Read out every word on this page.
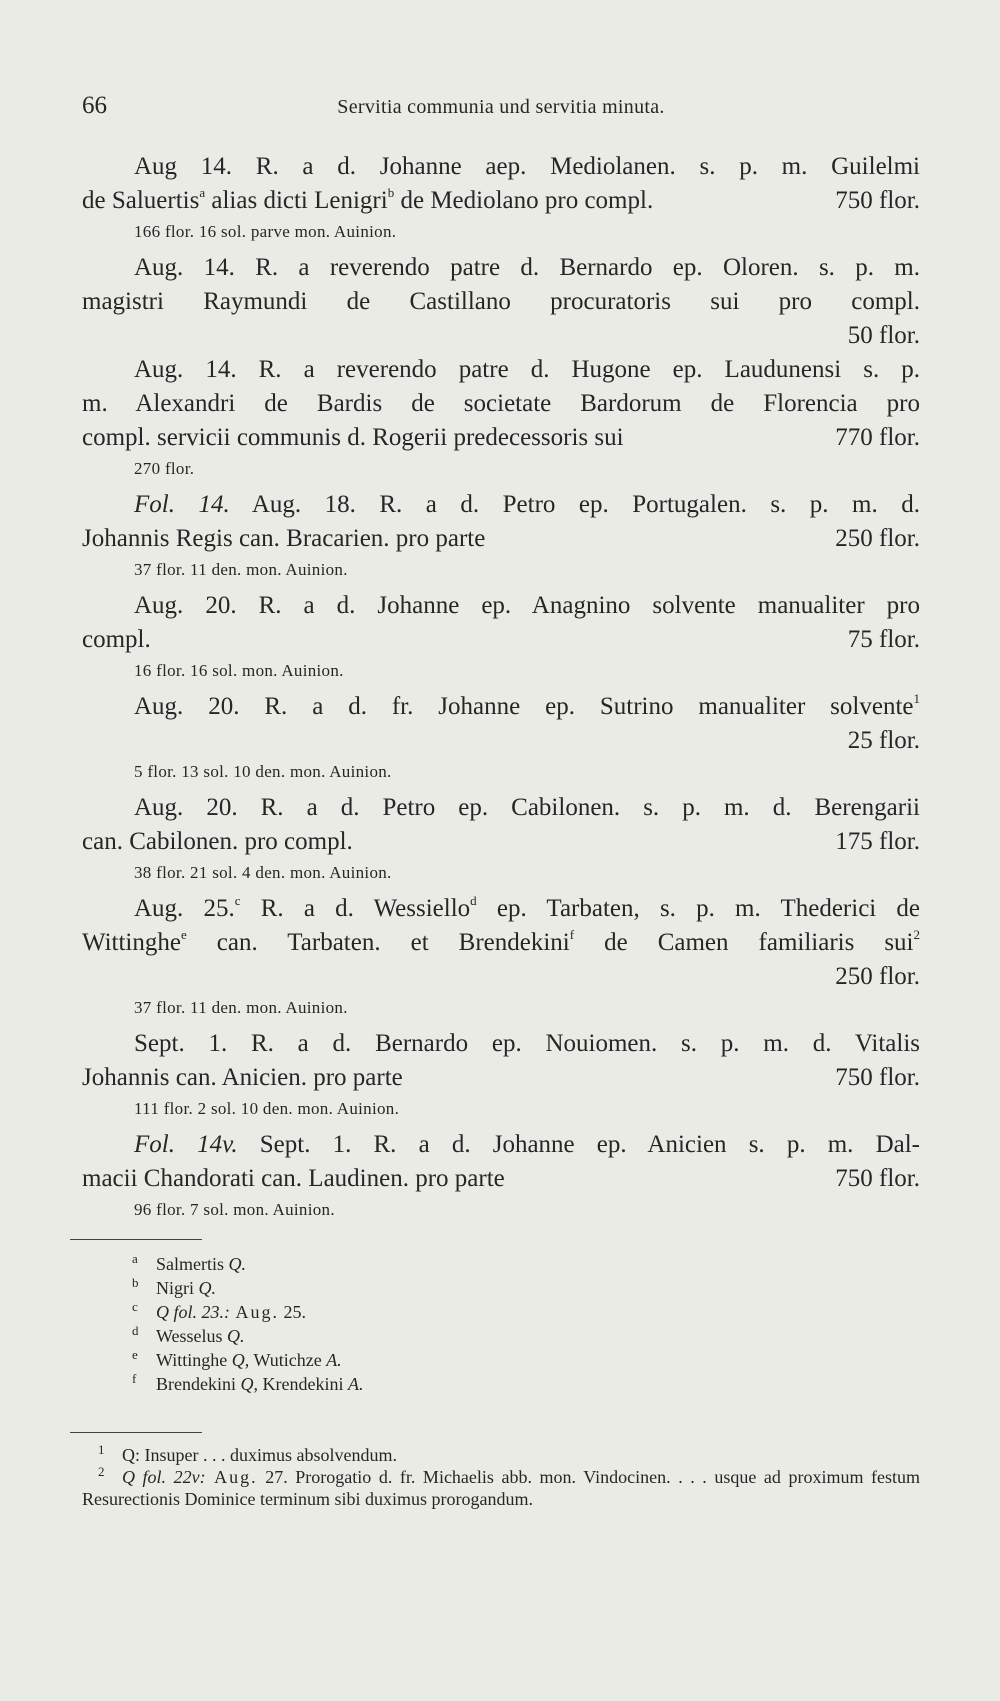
66	Servitia communia und servitia minuta.
Aug 14. R. a d. Johanne aep. Mediolanen. s. p. m. Guilelmi
de Saluertis$^a$ alias dicti Lenigri$^b$ de Mediolano pro compl.	750 flor.
166 flor. 16 sol. parve mon. Auinion.
Aug. 14. R. a reverendo patre d. Bernardo ep. Oloren. s. p. m.
magistri Raymundi de Castillano procuratoris sui pro compl.
50 flor.
Aug. 14. R. a reverendo patre d. Hugone ep. Laudunensi s. p.
m. Alexandri de Bardis de societate Bardorum de Florencia pro
compl. servicii communis d. Rogerii predecessoris sui	770 flor.
270 flor.
Fol. 14. Aug. 18. R. a d. Petro ep. Portugalen. s. p. m. d.
Johannis Regis can. Bracarien. pro parte	250 flor.
37 flor. 11 den. mon. Auinion.
Aug. 20. R. a d. Johanne ep. Anagnino solvente manualiter pro
compl.	75 flor.
16 flor. 16 sol. mon. Auinion.
Aug. 20. R. a d. fr. Johanne ep. Sutrino manualiter solvente$^1$
25 flor.
5 flor. 13 sol. 10 den. mon. Auinion.
Aug. 20. R. a d. Petro ep. Cabilonen. s. p. m. d. Berengarii
can. Cabilonen. pro compl.	175 flor.
38 flor. 21 sol. 4 den. mon. Auinion.
Aug. 25.$^c$ R. a d. Wessiello$^d$ ep. Tarbaten, s. p. m. Thederici de
Wittinghe$^e$ can. Tarbaten. et Brendekini$^f$ de Camen familiaris sui$^2$
250 flor.
37 flor. 11 den. mon. Auinion.
Sept. 1. R. a d. Bernardo ep. Nouiomen. s. p. m. d. Vitalis
Johannis can. Anicien. pro parte	750 flor.
111 flor. 2 sol. 10 den. mon. Auinion.
Fol. 14v. Sept. 1. R. a d. Johanne ep. Anicien s. p. m. Dal-
macii Chandorati can. Laudinen. pro parte	750 flor.
96 flor. 7 sol. mon. Auinion.
a Salmertis Q.
b Nigri Q.
c Q fol. 23.: Aug. 25.
d Wesselus Q.
e Wittinghe Q, Wutichze A.
f Brendekini Q, Krendekini A.
1 Q: Insuper . . . duximus absolvendum.
2 Q fol. 22v: Aug. 27. Prorogatio d. fr. Michaelis abb. mon. Vindocinen. . . . usque ad proximum festum Resurectionis Dominice terminum sibi duximus prorogandum.
